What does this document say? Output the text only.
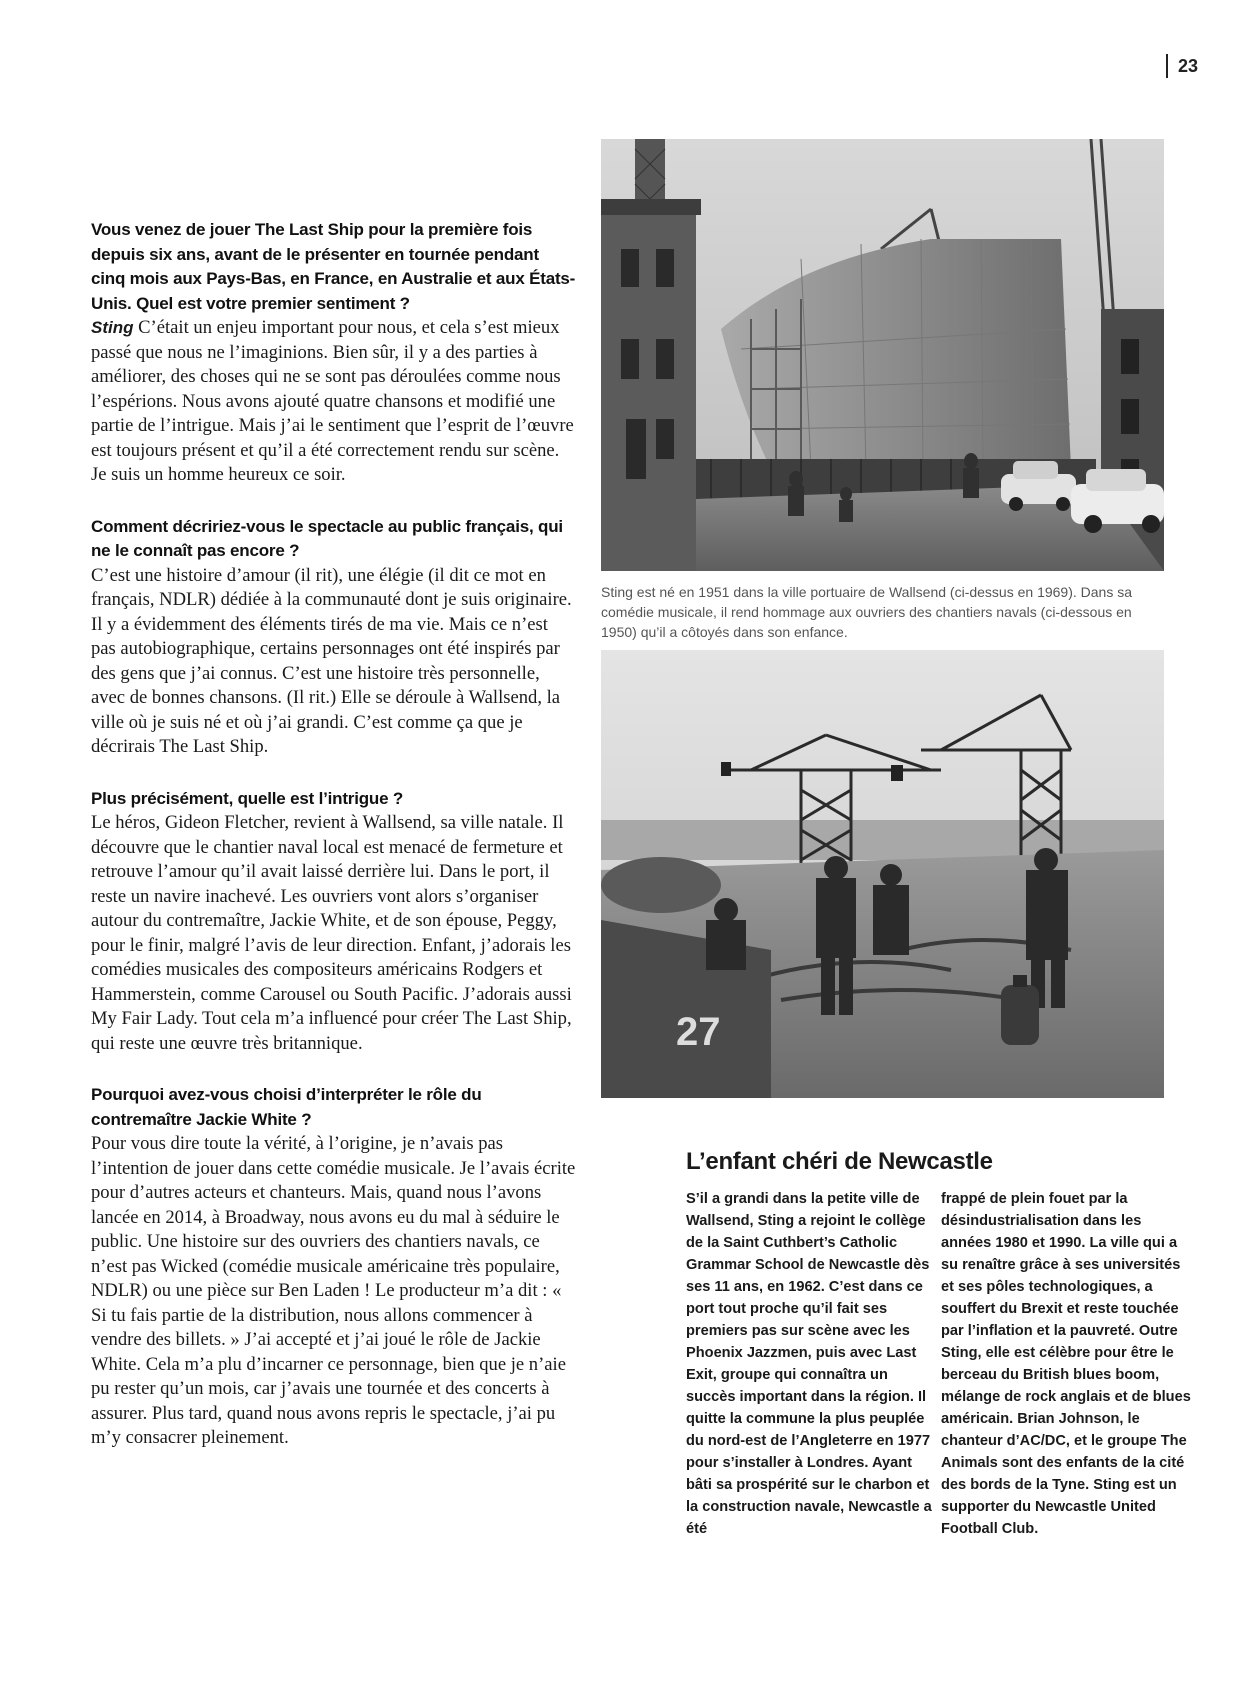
23
Vous venez de jouer The Last Ship pour la première fois depuis six ans, avant de le présenter en tournée pendant cinq mois aux Pays-Bas, en France, en Australie et aux États-Unis. Quel est votre premier sentiment ?
Sting C’était un enjeu important pour nous, et cela s’est mieux passé que nous ne l’imaginions. Bien sûr, il y a des parties à améliorer, des choses qui ne se sont pas déroulées comme nous l’espérions. Nous avons ajouté quatre chansons et modifié une partie de l’intrigue. Mais j’ai le sentiment que l’esprit de l’œuvre est toujours présent et qu’il a été correctement rendu sur scène. Je suis un homme heureux ce soir.
Comment décririez-vous le spectacle au public français, qui ne le connaît pas encore ?
C’est une histoire d’amour (il rit), une élégie (il dit ce mot en français, NDLR) dédiée à la communauté dont je suis originaire. Il y a évidemment des éléments tirés de ma vie. Mais ce n’est pas autobiographique, certains personnages ont été inspirés par des gens que j’ai connus. C’est une histoire très personnelle, avec de bonnes chansons. (Il rit.) Elle se déroule à Wallsend, la ville où je suis né et où j’ai grandi. C’est comme ça que je décrirais The Last Ship.
Plus précisément, quelle est l’intrigue ?
Le héros, Gideon Fletcher, revient à Wallsend, sa ville natale. Il découvre que le chantier naval local est menacé de fermeture et retrouve l’amour qu’il avait laissé derrière lui. Dans le port, il reste un navire inachevé. Les ouvriers vont alors s’organiser autour du contremaître, Jackie White, et de son épouse, Peggy, pour le finir, malgré l’avis de leur direction. Enfant, j’adorais les comédies musicales des compositeurs américains Rodgers et Hammerstein, comme Carousel ou South Pacific. J’adorais aussi My Fair Lady. Tout cela m’a influencé pour créer The Last Ship, qui reste une œuvre très britannique.
Pourquoi avez-vous choisi d’interpréter le rôle du contremaître Jackie White ?
Pour vous dire toute la vérité, à l’origine, je n’avais pas l’intention de jouer dans cette comédie musicale. Je l’avais écrite pour d’autres acteurs et chanteurs. Mais, quand nous l’avons lancée en 2014, à Broadway, nous avons eu du mal à séduire le public. Une histoire sur des ouvriers des chantiers navals, ce n’est pas Wicked (comédie musicale américaine très populaire, NDLR) ou une pièce sur Ben Laden ! Le producteur m’a dit : « Si tu fais partie de la distribution, nous allons commencer à vendre des billets. » J’ai accepté et j’ai joué le rôle de Jackie White. Cela m’a plu d’incarner ce personnage, bien que je n’aie pu rester qu’un mois, car j’avais une tournée et des concerts à assurer. Plus tard, quand nous avons repris le spectacle, j’ai pu m’y consacrer pleinement.
Sting est né en 1951 dans la ville portuaire de Wallsend (ci-dessus en 1969). Dans sa comédie musicale, il rend hommage aux ouvriers des chantiers navals (ci-dessous en 1950) qu’il a côtoyés dans son enfance.
27
L’enfant chéri de Newcastle
S’il a grandi dans la petite ville de Wallsend, Sting a rejoint le collège de la Saint Cuthbert’s Catholic Grammar School de Newcastle dès ses 11 ans, en 1962. C’est dans ce port tout proche qu’il fait ses premiers pas sur scène avec les Phoenix Jazzmen, puis avec Last Exit, groupe qui connaîtra un succès important dans la région. Il quitte la commune la plus peuplée du nord-est de l’Angleterre en 1977 pour s’installer à Londres. Ayant bâti sa prospérité sur le charbon et la construction navale, Newcastle a été
frappé de plein fouet par la désindustrialisation dans les années 1980 et 1990. La ville qui a su renaître grâce à ses universités et ses pôles technologiques, a souffert du Brexit et reste touchée par l’inflation et la pauvreté. Outre Sting, elle est célèbre pour être le berceau du British blues boom, mélange de rock anglais et de blues américain. Brian Johnson, le chanteur d’AC/DC, et le groupe The Animals sont des enfants de la cité des bords de la Tyne. Sting est un supporter du Newcastle United Football Club.
